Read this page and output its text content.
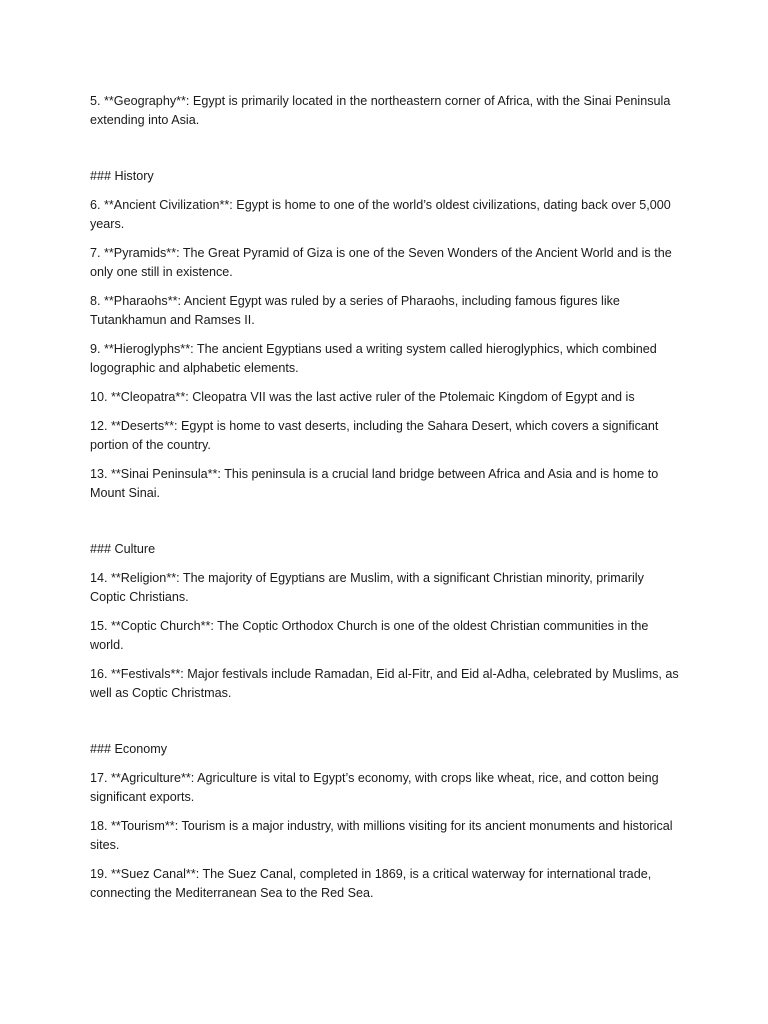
5. **Geography**: Egypt is primarily located in the northeastern corner of Africa, with the Sinai Peninsula extending into Asia.

### History

6. **Ancient Civilization**: Egypt is home to one of the world’s oldest civilizations, dating back over 5,000 years.

7. **Pyramids**: The Great Pyramid of Giza is one of the Seven Wonders of the Ancient World and is the only one still in existence.

8. **Pharaohs**: Ancient Egypt was ruled by a series of Pharaohs, including famous figures like Tutankhamun and Ramses II.

9. **Hieroglyphs**: The ancient Egyptians used a writing system called hieroglyphics, which combined logographic and alphabetic elements.

10. **Cleopatra**: Cleopatra VII was the last active ruler of the Ptolemaic Kingdom of Egypt and is

12. **Deserts**: Egypt is home to vast deserts, including the Sahara Desert, which covers a significant portion of the country.

13. **Sinai Peninsula**: This peninsula is a crucial land bridge between Africa and Asia and is home to Mount Sinai.

### Culture

14. **Religion**: The majority of Egyptians are Muslim, with a significant Christian minority, primarily Coptic Christians.

15. **Coptic Church**: The Coptic Orthodox Church is one of the oldest Christian communities in the world.

16. **Festivals**: Major festivals include Ramadan, Eid al-Fitr, and Eid al-Adha, celebrated by Muslims, as well as Coptic Christmas.

### Economy

17. **Agriculture**: Agriculture is vital to Egypt’s economy, with crops like wheat, rice, and cotton being significant exports.

18. **Tourism**: Tourism is a major industry, with millions visiting for its ancient monuments and historical sites.

19. **Suez Canal**: The Suez Canal, completed in 1869, is a critical waterway for international trade, connecting the Mediterranean Sea to the Red Sea.
